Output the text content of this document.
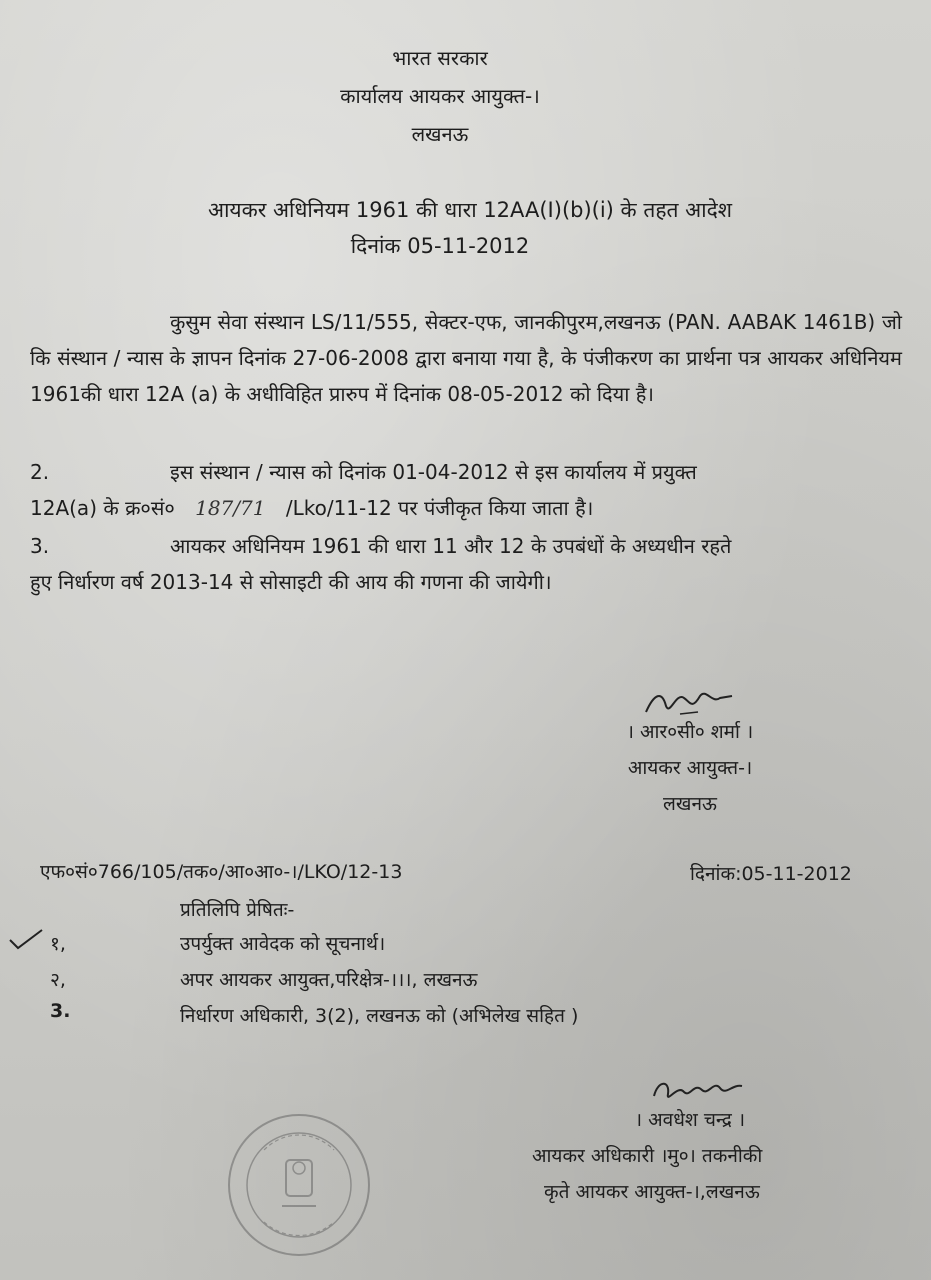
भारत सरकार
कार्यालय आयकर आयुक्त-।
लखनऊ
आयकर अधिनियम 1961 की धारा 12AA(I)(b)(i) के तहत आदेश
दिनांक 05-11-2012
कुसुम सेवा संस्थान LS/11/555, सेक्टर-एफ, जानकीपुरम,लखनऊ (PAN. AABAK 1461B) जो कि संस्थान / न्यास के ज्ञापन दिनांक 27-06-2008 द्वारा बनाया गया है, के पंजीकरण का प्रार्थना पत्र आयकर अधिनियम 1961की धारा 12A (a) के अधीविहित प्रारुप में दिनांक 08-05-2012 को दिया है।
2.	इस संस्थान / न्यास को दिनांक 01-04-2012 से इस कार्यालय में प्रयुक्त
12A(a) के क्र०सं० 187/71 /Lko/11-12 पर पंजीकृत किया जाता है।
3.	आयकर अधिनियम 1961 की धारा 11 और 12 के उपबंधों के अध्यधीन रहते
हुए निर्धारण वर्ष 2013-14 से सोसाइटी की आय की गणना की जायेगी।
। आर०सी० शर्मा ।
आयकर आयुक्त-।
लखनऊ
एफ०सं०766/105/तक०/आ०आ०-।/LKO/12-13	दिनांक:05-11-2012
प्रतिलिपि प्रेषितः-
१,	उपर्युक्त आवेदक को सूचनार्थ।
२,	अपर आयकर आयुक्त,परिक्षेत्र-।।।, लखनऊ
3.	निर्धारण अधिकारी, 3(2), लखनऊ को (अभिलेख सहित )
। अवधेश चन्द्र ।
आयकर अधिकारी ।मु०। तकनीकी
कृते आयकर आयुक्त-।,लखनऊ
